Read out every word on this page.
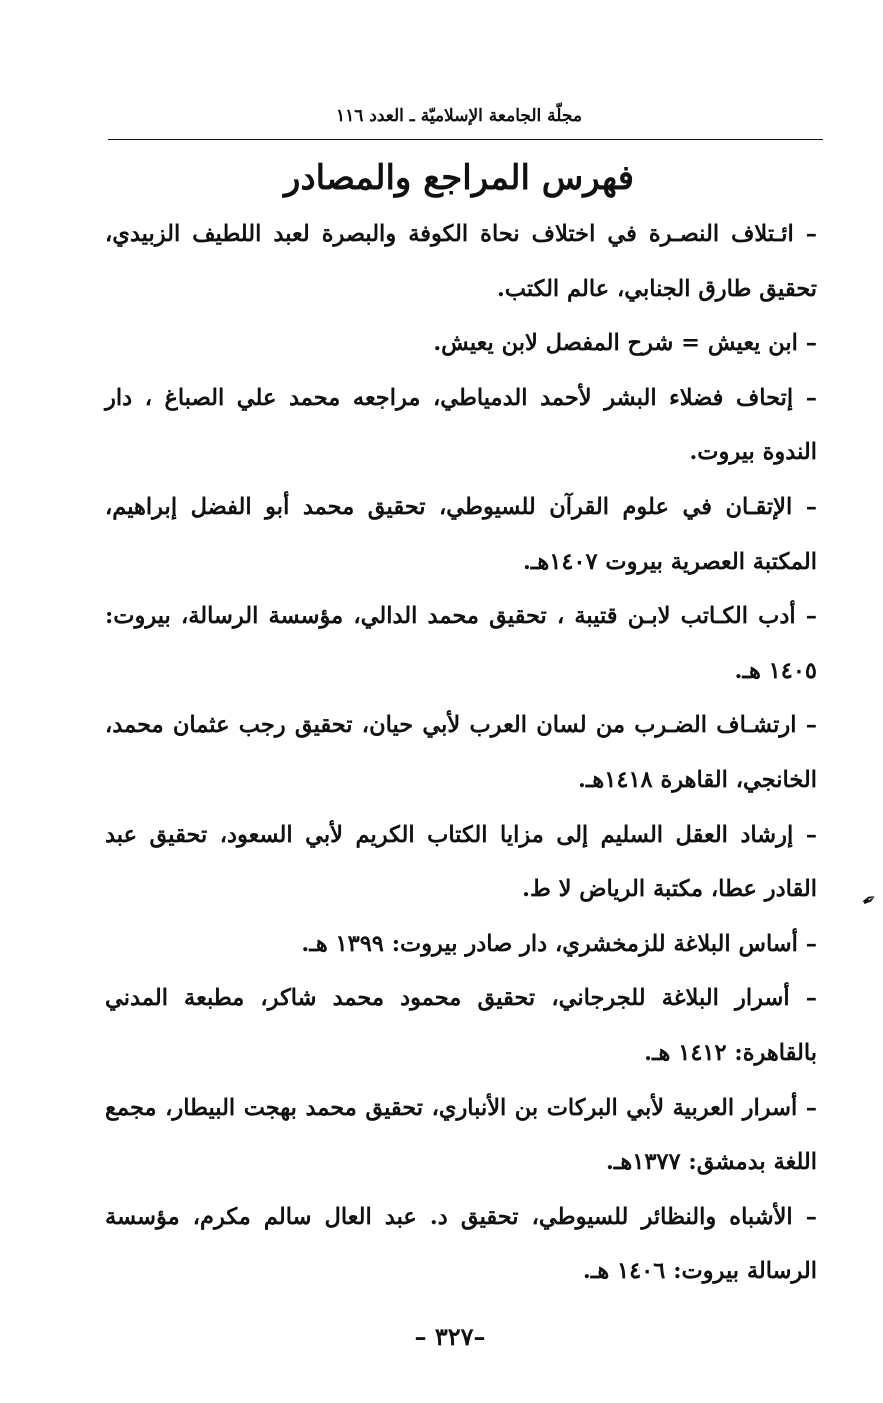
مجلّة الجامعة الإسلاميّة ـ العدد ١١٦
فهرس المراجع والمصادر

– ائـتلاف النصـرة في اختلاف نحاة الكوفة والبصرة لعبد اللطيف الزبيدي، تحقيق طارق الجنابي، عالم الكتب.

– ابن يعيش = شرح المفصل لابن يعيش.

– إتحاف فضلاء البشر لأحمد الدمياطي، مراجعه محمد علي الصباغ ، دار الندوة بيروت.

– الإتقـان في علوم القرآن للسيوطي، تحقيق محمد أبو الفضل إبراهيم، المكتبة العصرية بيروت ١٤٠٧هـ.

– أدب الكـاتب لابـن قتيبة ، تحقيق محمد الدالي، مؤسسة الرسالة، بيروت: ١٤٠٥ هـ.

– ارتشـاف الضـرب من لسان العرب لأبي حيان، تحقيق رجب عثمان محمد، الخانجي، القاهرة ١٤١٨هـ.

– إرشاد العقل السليم إلى مزايا الكتاب الكريم لأبي السعود، تحقيق عبد القادر عطا، مكتبة الرياض لا ط.

– أساس البلاغة للزمخشري، دار صادر بيروت: ١٣٩٩ هـ.

– أسرار البلاغة للجرجاني، تحقيق محمود محمد شاكر، مطبعة المدني بالقاهرة: ١٤١٢ هـ.

– أسرار العربية لأبي البركات بن الأنباري، تحقيق محمد بهجت البيطار، مجمع اللغة بدمشق: ١٣٧٧هـ.

– الأشباه والنظائر للسيوطي، تحقيق د. عبد العال سالم مكرم، مؤسسة الرسالة بيروت: ١٤٠٦ هـ.

✒
–٣٢٧ –
